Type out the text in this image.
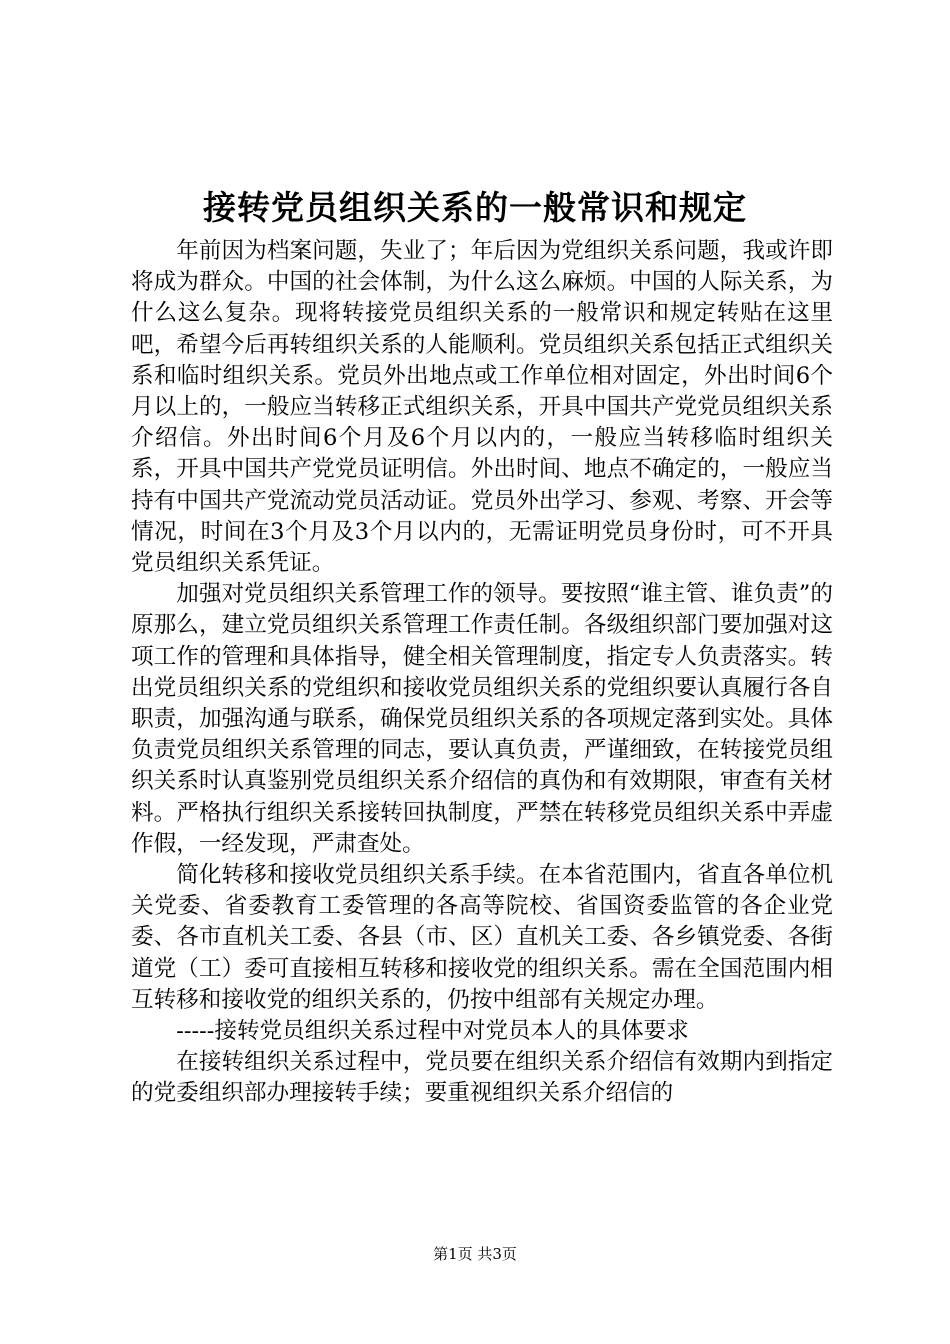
接转党员组织关系的一般常识和规定

年前因为档案问题，失业了；年后因为党组织关系问题，我或许即将成为群众。中国的社会体制，为什么这么麻烦。中国的人际关系，为什么这么复杂。现将转接党员组织关系的一般常识和规定转贴在这里吧，希望今后再转组织关系的人能顺利。党员组织关系包括正式组织关系和临时组织关系。党员外出地点或工作单位相对固定，外出时间6个月以上的，一般应当转移正式组织关系，开具中国共产党党员组织关系介绍信。外出时间6个月及6个月以内的，一般应当转移临时组织关系，开具中国共产党党员证明信。外出时间、地点不确定的，一般应当持有中国共产党流动党员活动证。党员外出学习、参观、考察、开会等情况，时间在3个月及3个月以内的，无需证明党员身份时，可不开具党员组织关系凭证。

加强对党员组织关系管理工作的领导。要按照“谁主管、谁负责”的原那么，建立党员组织关系管理工作责任制。各级组织部门要加强对这项工作的管理和具体指导，健全相关管理制度，指定专人负责落实。转出党员组织关系的党组织和接收党员组织关系的党组织要认真履行各自职责，加强沟通与联系，确保党员组织关系的各项规定落到实处。具体负责党员组织关系管理的同志，要认真负责，严谨细致，在转接党员组织关系时认真鉴别党员组织关系介绍信的真伪和有效期限，审查有关材料。严格执行组织关系接转回执制度，严禁在转移党员组织关系中弄虚作假，一经发现，严肃查处。

简化转移和接收党员组织关系手续。在本省范围内，省直各单位机关党委、省委教育工委管理的各高等院校、省国资委监管的各企业党委、各市直机关工委、各县（市、区）直机关工委、各乡镇党委、各街道党（工）委可直接相互转移和接收党的组织关系。需在全国范围内相互转移和接收党的组织关系的，仍按中组部有关规定办理。

-----接转党员组织关系过程中对党员本人的具体要求

在接转组织关系过程中，党员要在组织关系介绍信有效期内到指定的党委组织部办理接转手续；要重视组织关系介绍信的

第1页 共3页
